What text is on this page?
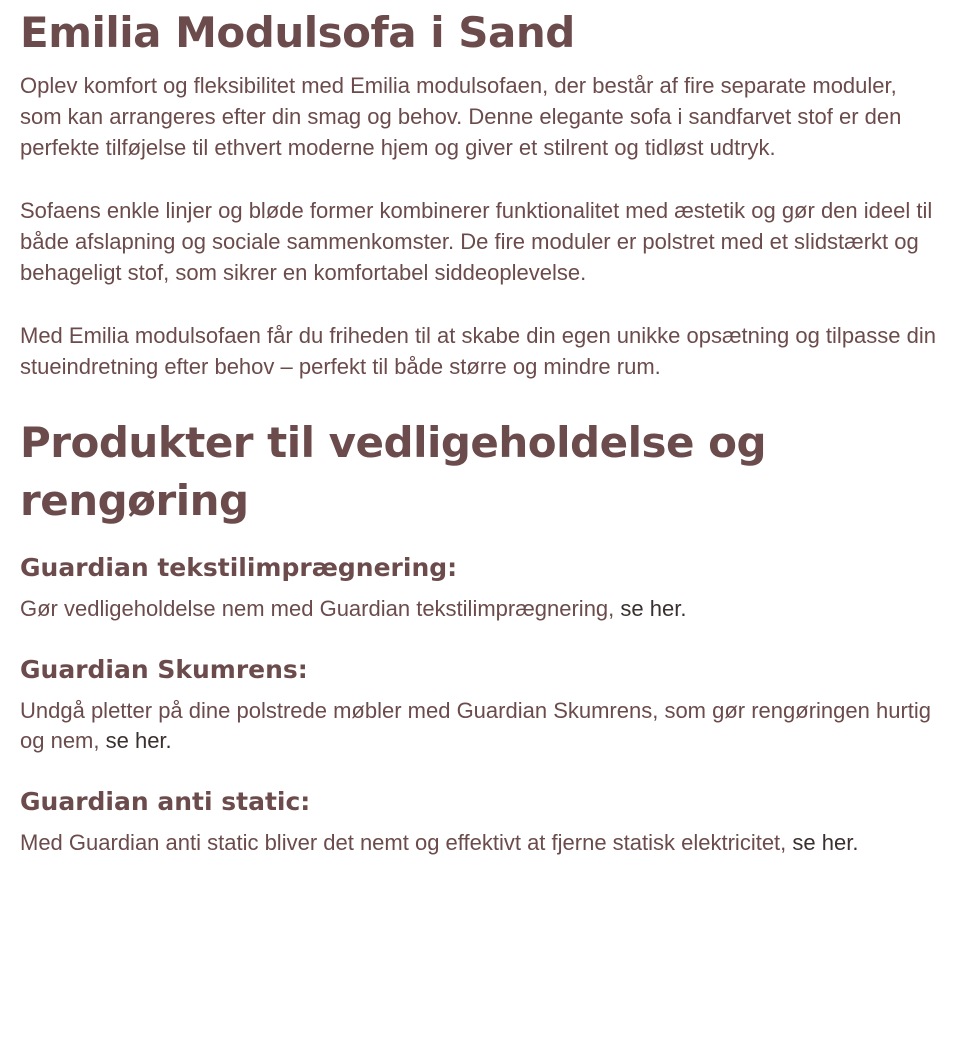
Emilia Modulsofa i Sand

Oplev komfort og fleksibilitet med Emilia modulsofaen, der består af fire separate moduler, som kan arrangeres efter din smag og behov. Denne elegante sofa i sandfarvet stof er den perfekte tilføjelse til ethvert moderne hjem og giver et stilrent og tidløst udtryk.

Sofaens enkle linjer og bløde former kombinerer funktionalitet med æstetik og gør den ideel til både afslapning og sociale sammenkomster. De fire moduler er polstret med et slidstærkt og behageligt stof, som sikrer en komfortabel siddeoplevelse.

Med Emilia modulsofaen får du friheden til at skabe din egen unikke opsætning og tilpasse din stueindretning efter behov – perfekt til både større og mindre rum.

Produkter til vedligeholdelse og rengøring
Guardian tekstilimprægnering:

Gør vedligeholdelse nem med Guardian tekstilimprægnering, se her.

Guardian Skumrens:

Undgå pletter på dine polstrede møbler med Guardian Skumrens, som gør rengøringen hurtig og nem, se her.

Guardian anti static:

Med Guardian anti static bliver det nemt og effektivt at fjerne statisk elektricitet, se her.
